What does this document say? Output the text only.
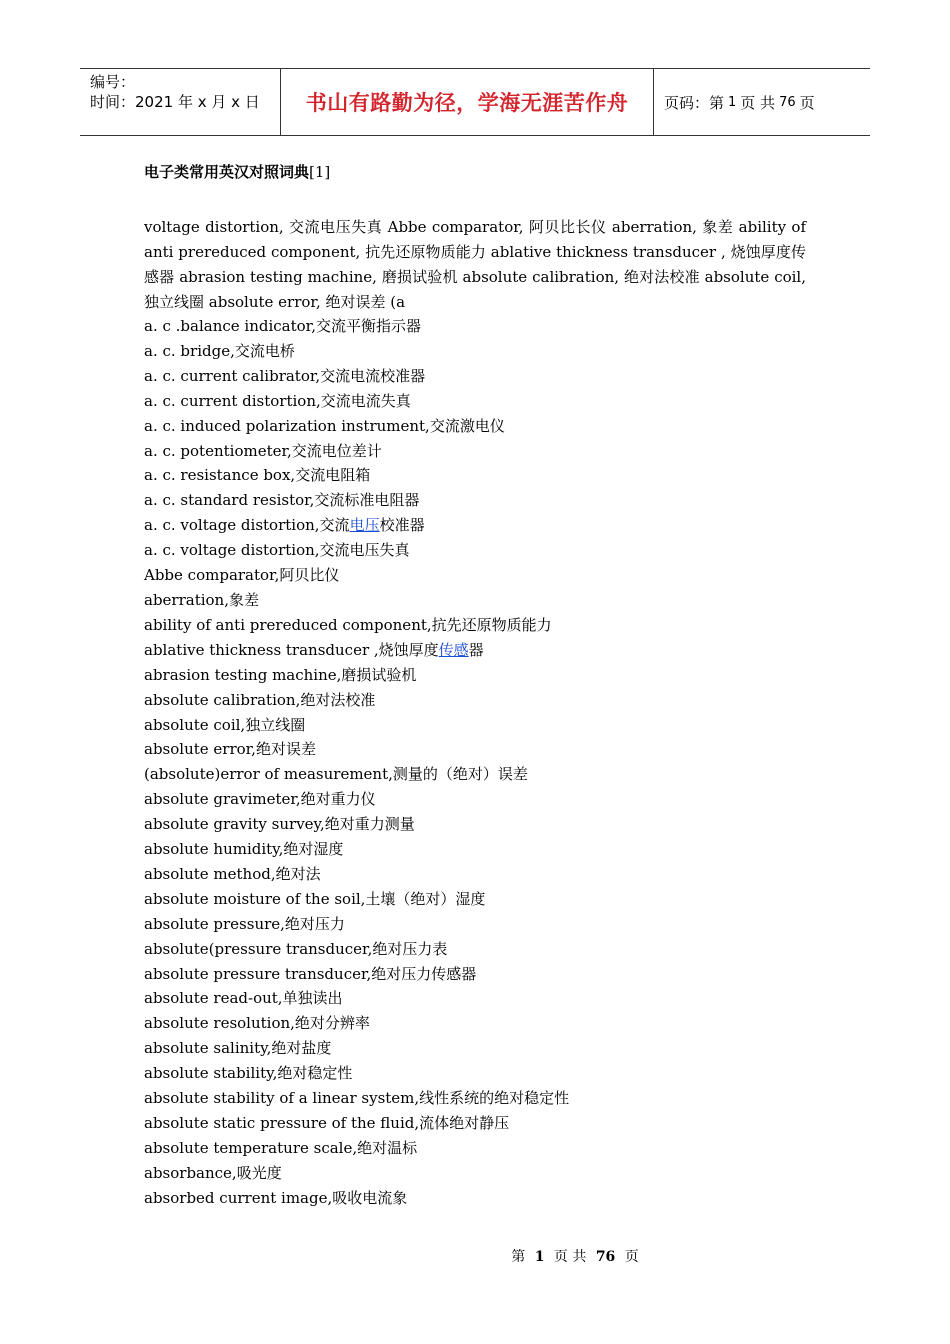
编号：
时间：2021 年 x 月 x 日 书山有路勤为径，学海无涯苦作舟 页码：第 1 页 共 76 页
电子类常用英汉对照词典[1]
voltage distortion, 交流电压失真 Abbe comparator, 阿贝比长仪 aberration, 象差 ability of anti prereduced component, 抗先还原物质能力 ablative thickness transducer , 烧蚀厚度传感器 abrasion testing machine, 磨损试验机 absolute calibration, 绝对法校准 absolute coil, 独立线圈 absolute error, 绝对误差 (a
a. c .balance indicator,交流平衡指示器
a. c. bridge,交流电桥
a. c. current calibrator,交流电流校准器
a. c. current distortion,交流电流失真
a. c. induced polarization instrument,交流激电仪
a. c. potentiometer,交流电位差计
a. c. resistance box,交流电阻箱
a. c. standard resistor,交流标准电阻器
a. c. voltage distortion,交流电压校准器
a. c. voltage distortion,交流电压失真
Abbe comparator,阿贝比仪
aberration,象差
ability of anti prereduced component,抗先还原物质能力
ablative thickness transducer ,烧蚀厚度传感器
abrasion testing machine,磨损试验机
absolute calibration,绝对法校准
absolute coil,独立线圈
absolute error,绝对误差
(absolute)error of measurement,测量的（绝对）误差
absolute gravimeter,绝对重力仪
absolute gravity survey,绝对重力测量
absolute humidity,绝对湿度
absolute method,绝对法
absolute moisture of the soil,土壤（绝对）湿度
absolute pressure,绝对压力
absolute(pressure transducer,绝对压力表
absolute pressure transducer,绝对压力传感器
absolute read-out,单独读出
absolute resolution,绝对分辨率
absolute salinity,绝对盐度
absolute stability,绝对稳定性
absolute stability of a linear system,线性系统的绝对稳定性
absolute static pressure of the fluid,流体绝对静压
absolute temperature scale,绝对温标
absorbance,吸光度
absorbed current image,吸收电流象
第 1 页 共 76 页
